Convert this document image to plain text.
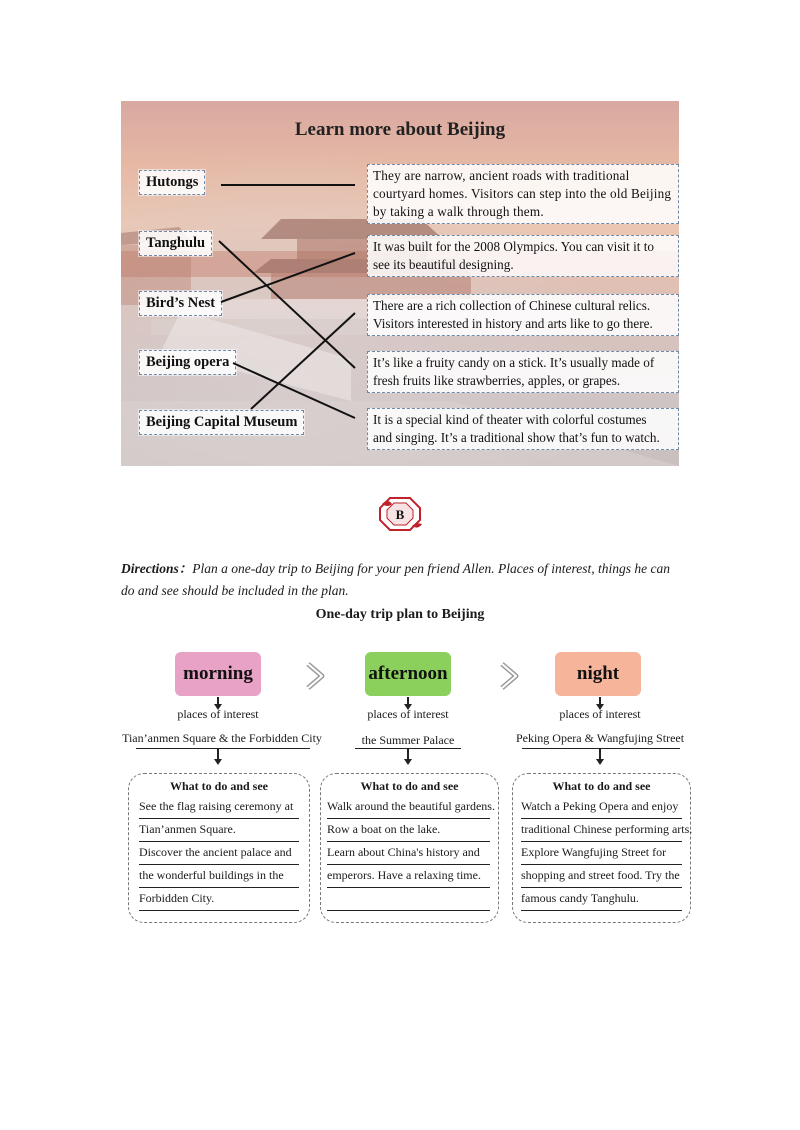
Learn more about Beijing
Hutongs
Tanghulu
Bird’s Nest
Beijing opera
Beijing Capital Museum
They are narrow, ancient roads with traditional
courtyard homes. Visitors can step into the old Beijing
by taking a walk through them.
It was built for the 2008 Olympics. You can visit it to
see its beautiful designing.
There are a rich collection of Chinese cultural relics.
Visitors interested in history and arts like to go there.
It’s like a fruity candy on a stick. It’s usually made of
fresh fruits like strawberries, apples, or grapes.
It is a special kind of theater with colorful costumes
and singing. It’s a traditional show that’s fun to watch.
B
Directions：Plan a one-day trip to Beijing for your pen friend Allen. Places of interest, things he can do and see should be included in the plan.
One-day trip plan to Beijing
morning
places of interest
Tian’anmen Square & the Forbidden City
What to do and see
See the flag raising ceremony at
Tian’anmen Square.
Discover the ancient palace and
the wonderful buildings in the
Forbidden City.
afternoon
places of interest
the Summer Palace
What to do and see
Walk around the beautiful gardens.
Row a boat on the lake.
Learn about China's history and
emperors. Have a relaxing time.
night
places of interest
Peking Opera & Wangfujing Street
What to do and see
Watch a Peking Opera and enjoy
traditional Chinese performing arts.
Explore Wangfujing Street for
shopping and street food. Try the
famous candy Tanghulu.
